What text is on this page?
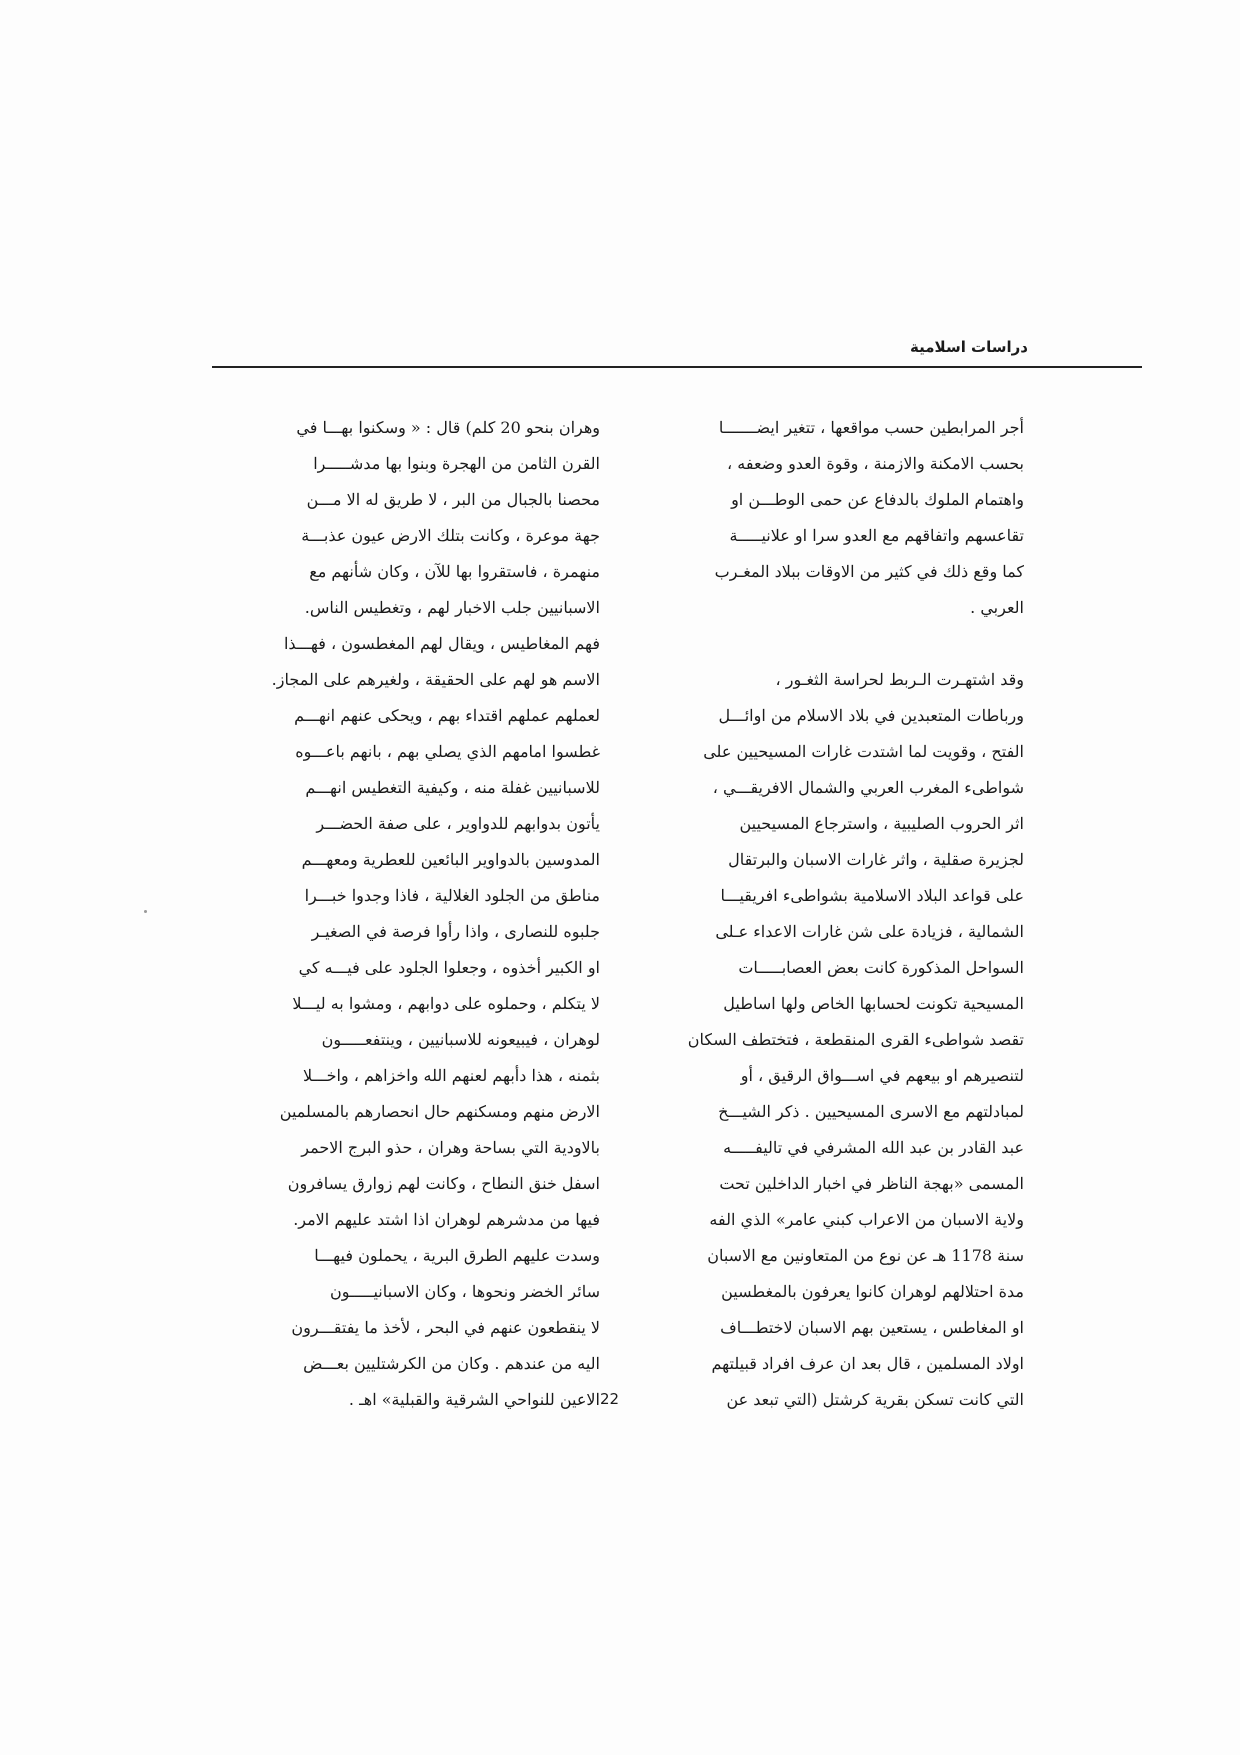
دراسات اسلامية
أجر المرابطين حسب مواقعها ، تتغير ايضـــــــا
بحسب الامكنة والازمنة ، وقوة العدو وضعفه ،
واهتمام الملوك بالدفاع عن حمى الوطـــن او
تقاعسهم واتفاقهم مع العدو سرا او علانيـــــة
كما وقع ذلك في كثير من الاوقات ببلاد المغـرب
العربي .
وقد اشتهـرت الـربط لحراسة الثغـور ،
ورباطات المتعبدين في بلاد الاسلام من اوائـــل
الفتح ، وقويت لما اشتدت غارات المسيحيين على
شواطىء المغرب العربي والشمال الافريقـــي ،
اثر الحروب الصليبية ، واسترجاع المسيحيين
لجزيرة صقلية ، واثر غارات الاسبان والبرتقال
على قواعد البلاد الاسلامية بشواطىء افريقيـــا
الشمالية ، فزيادة على شن غارات الاعداء عـلى
السواحل المذكورة كانت بعض العصابـــــات
المسيحية تكونت لحسابها الخاص ولها اساطيل
تقصد شواطىء القرى المنقطعة ، فتختطف السكان
لتنصيرهم او بيعهم في اســـواق الرقيق ، أو
لمبادلتهم مع الاسرى المسيحيين . ذكر الشيـــخ
عبد القادر بن عبد الله المشرفي في تاليفـــــه
المسمى «بهجة الناظر في اخبار الداخلين تحت
ولاية الاسبان من الاعراب كبني عامر» الذي الفه
سنة 1178 هـ عن نوع من المتعاونين مع الاسبان
مدة احتلالهم لوهران كانوا يعرفون بالمغطسين
او المغاطس ، يستعين بهم الاسبان لاختطـــاف
اولاد المسلمين ، قال بعد ان عرف افراد قبيلتهم
التي كانت تسكن بقرية كرشتل (التي تبعد عن
وهران بنحو 20 كلم) قال : « وسكنوا بهـــا في
القرن الثامن من الهجرة وبنوا بها مدشـــــرا
محصنا بالجبال من البر ، لا طريق له الا مـــن
جهة موعرة ، وكانت بتلك الارض عيون عذبـــة
منهمرة ، فاستقروا بها للآن ، وكان شأنهم مع
الاسبانيين جلب الاخبار لهم ، وتغطيس الناس.
فهم المغاطيس ، ويقال لهم المغطسون ، فهـــذا
الاسم هو لهم على الحقيقة ، ولغيرهم على المجاز.
لعملهم عملهم اقتداء بهم ، ويحكى عنهم انهـــم
غطسوا امامهم الذي يصلي بهم ، بانهم باعـــوه
للاسبانيين غفلة منه ، وكيفية التغطيس انهـــم
يأتون بدوابهم للدواوير ، على صفة الحضـــر
المدوسين بالدواوير البائعين للعطرية ومعهـــم
مناطق من الجلود الغلالية ، فاذا وجدوا خبـــرا
جلبوه للنصارى ، واذا رأوا فرصة في الصغيـر
او الكبير أخذوه ، وجعلوا الجلود على فيـــه كي
لا يتكلم ، وحملوه على دوابهم ، ومشوا به ليـــلا
لوهران ، فيبيعونه للاسبانيين ، وينتفعـــــون
بثمنه ، هذا دأبهم لعنهم الله واخزاهم ، واخـــلا
الارض منهم ومسكنهم حال انحصارهم بالمسلمين
بالاودية التي بساحة وهران ، حذو البرج الاحمر
اسفل خنق النطاح ، وكانت لهم زوارق يسافرون
فيها من مدشرهم لوهران اذا اشتد عليهم الامر.
وسدت عليهم الطرق البرية ، يحملون فيهـــا
سائر الخضر ونحوها ، وكان الاسبانيـــــون
لا ينقطعون عنهم في البحر ، لأخذ ما يفتقـــرون
اليه من عندهم . وكان من الكرشتليين بعـــض
الاعين للنواحي الشرقية والقبلية» اهـ . 22
